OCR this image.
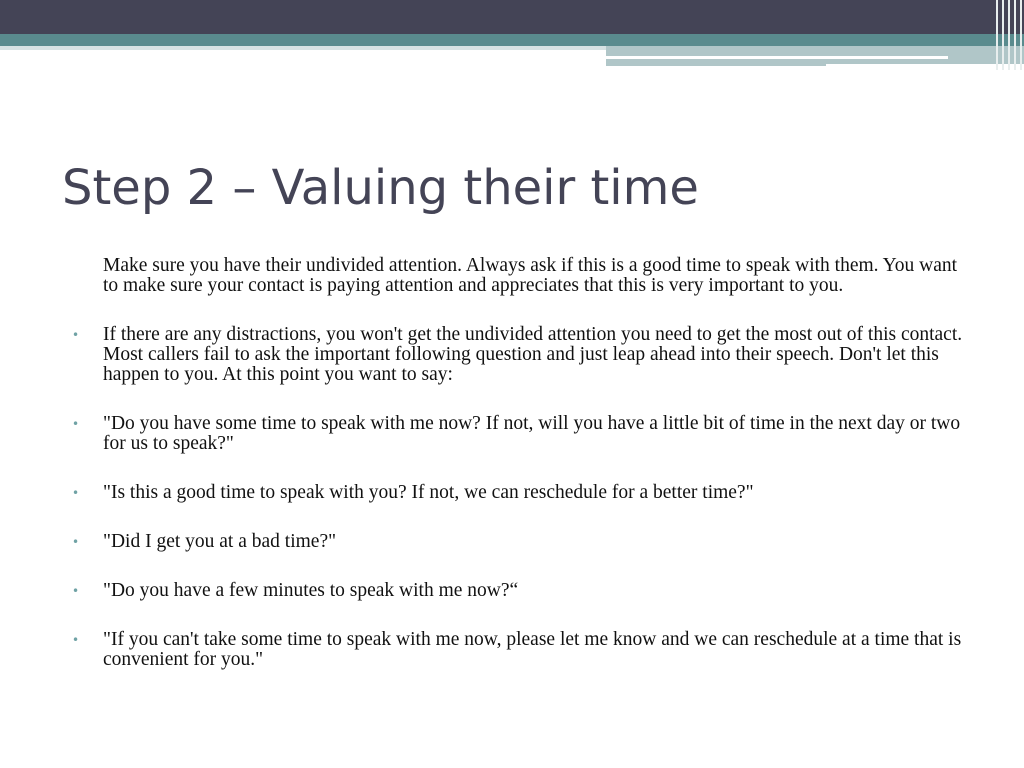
Step 2 – Valuing their time
Make sure you have their undivided attention. Always ask if this is a good time to speak with them. You want to make sure your contact is paying attention and appreciates that this is very important to you.
• If there are any distractions, you won't get the undivided attention you need to get the most out of this contact. Most callers fail to ask the important following question and just leap ahead into their speech. Don't let this happen to you. At this point you want to say:
• "Do you have some time to speak with me now? If not, will you have a little bit of time in the next day or two for us to speak?"
• "Is this a good time to speak with you? If not, we can reschedule for a better time?"
• "Did I get you at a bad time?"
• "Do you have a few minutes to speak with me now?“
• "If you can't take some time to speak with me now, please let me know and we can reschedule at a time that is convenient for you."
